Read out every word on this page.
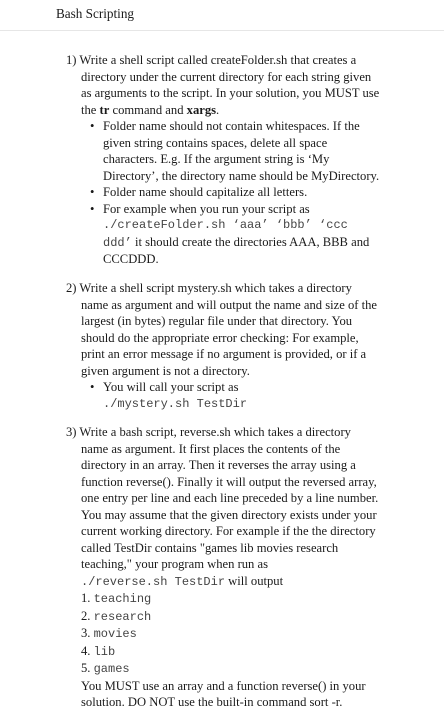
Bash Scripting

1) Write a shell script called createFolder.sh that creates a

directory under the current directory for each string given

as arguments to the script. In your solution, you MUST use

the tr command and xargs.

• Folder name should not contain whitespaces. If the
given string contains spaces, delete all space
characters. E.g. If the argument string is ‘My
Directory’, the directory name should be MyDirectory.
• Folder name should capitalize all letters.
• For example when you run your script as
./createFolder.sh ‘aaa’ ‘bbb’ ‘ccc
ddd’ it should create the directories AAA, BBB and
CCCDDD.

2) Write a shell script mystery.sh which takes a directory

name as argument and will output the name and size of the

largest (in bytes) regular file under that directory. You

should do the appropriate error checking: For example,

print an error message if no argument is provided, or if a

given argument is not a directory.

• You will call your script as
./mystery.sh TestDir

3) Write a bash script, reverse.sh which takes a directory

name as argument. It first places the contents of the

directory in an array. Then it reverses the array using a

function reverse(). Finally it will output the reversed array,

one entry per line and each line preceded by a line number.

You may assume that the given directory exists under your

current working directory. For example if the the directory

called TestDir contains "games lib movies research

teaching," your program when run as

./reverse.sh TestDir will output

1. teaching
2. research
3. movies
4. lib
5. games

You MUST use an array and a function reverse() in your

solution. DO NOT use the built-in command sort -r.
